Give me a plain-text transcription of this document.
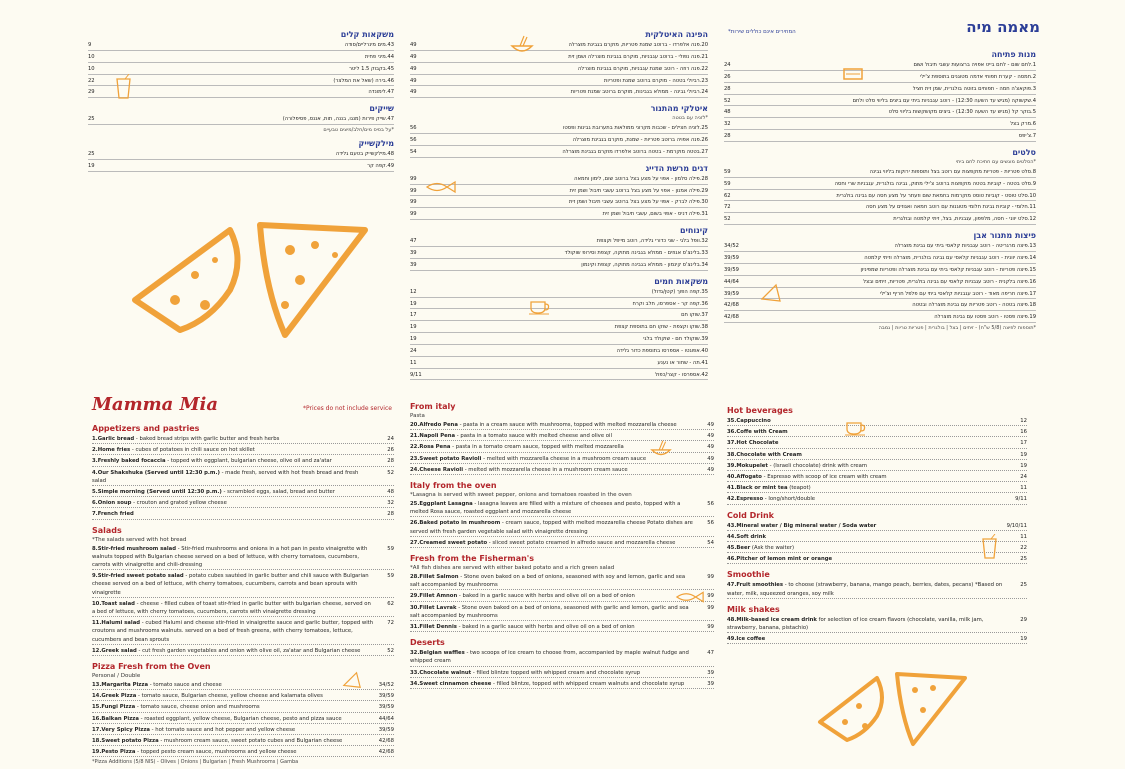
מאמה מיה
*המחירים אינם כוללים שירות
מנות פתיחה
1.לחם שום - לחם בייט אפויה ברצועות עשבי תיבול ושום
24
2.חמסה - קערת תפוחי אדמה מטוגנים בתוספת צ'ילי
26
3.פוקאצ'ה חמה - תפוחים בזוטה בולגרית, שמן זית חציל
28
4.שקשוקה (מגיש עד השעה 12:30) - רוטב עגבניות ביתי עם ביצים בליווי סלט ולחם
52
5.בוקר קל (מגיש עד השעה 12:30) - ביצים מקושקשות בליווי סלט
48
6.מרק בצל
32
7.צ'יפס
28
סלטים
*הסלטים מוגשים עם חתיכת לחם ביתי
8.סלט פטריות - פטריות מוקפצות עם רוטב בצל ותוספות ירוקות בליווי גבינה
59
9.סלט בטטה - קוביות בטטה מוקפצות ברוטב צ'ילי מתוק, גבינה בולגרית, עגבניות שרי וחסה
59
10.סלט טוסט - קוביות טוסט מוקרמות בחמאת שום וזעתר על מצע חסה עם גבינה בולגרית
62
11.חלומי - קוביות גבינת חלומי מטוגנות עם רוטב חמאה ואגוזים על מצע חסה
72
12.סלט יווני - חסה, מלפפון, עגבניות, בצל, זיתי קלמטה ובולגרית
52
פיצות מתנור אבן
13.פיצה מרגריטה - רוטב עגבניות קלאסי ביתי עם גבינת מוצרלה
34/52
14.פיצה יוונית - רוטב עגבניות קלאסי עם גבינה בולגרית, מוצרלה וזיתי קלמטה
39/59
15.פיצה פטריות - רוטב עגבניות קלאסי ביתי עם גבינת מוצרלה ופטריות שמפיניון
39/59
16.פיצה בלקנית - רוטב עגבניות קלאסי עם גבינה בולגרית, פטריות, זיתים ובצל
44/64
17.פיצה חריפה מאוד - רוטב עגבניות קלאסי ביתי עם פלפל חריף וצ'ילי
39/59
18.פיצה בטטה - רוטב פטריות עם גבינת מוצרלה ובטטה
42/68
19.פיצה פסטו - רוטב פסטו עם גבינת מוצרלה
42/68
*תוספות לפיצה (5/8 ש"ח) - זיתים | בצל | בולגרית | פטריות טריות | גמבה
הפינה האיטלקית
20.פנה אלפרדו - ברוטב שמנת פטריות, מוקרם בגבינת מוצרלה
49
21.פנה נפולי - ברוטב עגבניות, מוקרם בגבינת מוצרלה ושמן זית
49
22.פנה רוזה - רוטב שמנת עגבניות, מוקרם בגבינת מוצרלה
49
23.רביולי בטטה - מוקרם ברוטב שמנת ופטריות
49
24.רביולי גבינה - ממולא בגבינות, מוקרם ברוטב שמנת פטריות
49
איטלקי מהתנור
*לזניה עם בטטה
25.לזניה חצילים - שכבות מקרוני ממולאות בתערובת גבינות ופסטו
56
26.פנה אפויה ברוטב פטריות - שמנת, מוקרם בגבינת מוצרלה
56
27.בטטה מוקרמת - בטטה ברוטב אלפרדו מוקרם בגבינת מוצרלה
54
דגים מרשת הדייג
28.פילה סלמון - אפוי על מצע בצל ברוטב שום, לימון וחמאה
99
29.פילה אמנון - אפוי על מצע בצל ברוטב עשבי תיבול ושמן זית
99
30.פילה לברק - אפוי על מצע בצל ברוטב עשבי תיבול ושמן זית
99
31.פילה דניס - אפוי בשום, עשבי תיבול ושמן זית
99
קינוחים
32.וופל בלגי - שני כדורי גלידה, רוטב מייפל וקצפת
47
33.בלינצ'ס אגוזים - ממולא בגבינה מתוקה, קצפת וסירופ שוקולד
39
34.בלינצ'ס קינמון - ממולא בגבינה מתוקה, קצפת וקינמון
39
משקאות חמים
35.קפה הפוך (קטן/גדול)
12
36.קפה קר - אספרסו, חלב וקרח
19
37.שוקו חם
17
38.שוקו וקצפת - שוקו חם בתוספת קצפת
19
39.שוקולד חם - שוקולד בלגי
19
40.אפוגטו - אספרסו בתוספת כדור גלידה
24
41.תה - שחור או נענע
11
42.אספרסו - קצר/כפול
9/11
משקאות קלים
43.מים מינרליים/סודה
9
44.מיני פחית
10
45.בקבוק 1.5 ליטר
10
46.בירה (שאל את המלצר)
22
47.לימונדה
29
שייקים
47.שייק פירות (מנגו, בננה, תות, אננס, פסיפלורה)
25
*על בסיס מים/חלב/מיצים טבעיים
מילקשייק
48.מילקשייק בטעם גלידה
25
49.קפה קר
19
Mamma Mia	*Prices do not include service
Appetizers and pastries
1.Garlic bread - baked bread strips with garlic butter and fresh herbs	24
2.Home fries - cubes of potatoes in chili sauce on hot skillet	26
3.Freshly baked focaccia - topped with eggplant, bulgarian cheese, olive oil and za'atar	28
4.Our Shakshuka (Served until 12:30 p.m.) - made fresh, served with hot fresh bread and fresh salad
52
5.Simple morning (Served until 12:30 p.m.) - scrambled eggs, salad, bread and butter	48
6.Onion soup - crouton and grated yellow cheese	32
7.French fried	28
Salads
*The salads served with hot bread
8.Stir-fried mushroom salad - Stir-fried mushrooms and onions in a hot pan in pesto vinaigrette with walnuts topped with Bulgarian cheese served on a bed of lettuce, with cherry tomatoes, cucumbers, carrots with vinaigrette and chili-dressing
59
9.Stir-fried sweet potato salad - potato cubes sautéed in garlic butter and chili sauce with Bulgarian cheese served on a bed of lettuce, with cherry tomatoes, cucumbers, carrots and bean sprouts with vinaigrette
59
10.Toast salad - cheese - filled cubes of toast stir-fried in garlic butter with bulgarian cheese, served on a bed of lettuce, with cherry tomatoes, cucumbers, carrots with vinaigrette dressing
62
11.Halumi salad - cubed Halumi and cheese stir-fried in vinaigrette sauce and garlic butter, topped with croutons and mushrooms walnuts. served on a bed of fresh greens, with cherry tomatoes, lettuce, cucumbers and bean sprouts
72
12.Greek salad - cut fresh garden vegetables and onion with olive oil, za'atar and Bulgarian cheese	52
Pizza Fresh from the Oven
Personal / Double
13.Margarita Pizza - tomato sauce and cheese	34/52
14.Greek Pizza - tomato sauce, Bulgarian cheese, yellow cheese and kalamata olives	39/59
15.Fungi Pizza - tomato sauce, cheese onion and mushrooms	39/59
16.Balkan Pizza - roasted eggplant, yellow cheese, Bulgarian cheese, pesto and pizza sauce	44/64
17.Very Spicy Pizza - hot tomato sauce and hot pepper and yellow cheese	39/59
18.Sweet potato Pizza - mushroom cream sauce, sweet potato cubes and Bulgarian cheese	42/68
19.Pesto Pizza - topped pesto cream sauce, mushrooms and yellow cheese	42/68
*Pizza Additions (5/8 NIS) - Olives | Onions | Bulgarian | Fresh Mushrooms | Gamba
From italy
Pasta
20.Alfredo Pena - pasta in a cream sauce with mushrooms, topped with melted mozzarella cheese	49
21.Napoli Pena - pasta in a tomato sauce with melted cheese and olive oil	49
22.Rosa Pena - pasta in a tomato cream sauce, topped with melted mozzarella	49
23.Sweet potato Ravioli - melted with mozzarella cheese in a mushroom cream sauce	49
24.Cheese Ravioli - melted with mozzarella cheese in a mushroom cream sauce	49
Italy from the oven
*Lasagna is served with sweet pepper, onions and tomatoes roasted in the oven
25.Eggplant Lasagna - lasagna leaves are filled with a mixture of cheeses and pesto, topped with a melted Rosa sauce, roasted eggplant and mozzarella cheese
56
26.Baked potato in mushroom - cream sauce, topped with melted mozzarella cheese Potato dishes are served with fresh garden vegetable salad with vinaigrette dressing
56
27.Creamed sweet potato - sliced sweet potato creamed in alfredo sauce and mozzarella cheese	54
Fresh from the Fisherman's
*All fish dishes are served with either baked potato and a rich green salad
28.Fillet Salmon - Stone oven baked on a bed of onions, seasoned with soy and lemon, garlic and sea salt accompanied by mushrooms
99
29.Fillet Amnon - baked in a garlic sauce with herbs and olive oil on a bed of onion	99
30.Fillet Lavrak - Stone oven baked on a bed of onions, seasoned with garlic and lemon, garlic and sea salt accompanied by mushrooms
99
31.Fillet Dennis - baked in a garlic sauce with herbs and olive oil on a bed of onion	99
Deserts
32.Belgian waffles - two scoops of ice cream to choose from, accompanied by maple walnut fudge and whipped cream
47
33.Chocolate walnut - filled blintze topped with whipped cream and chocolate syrup	39
34.Sweet cinnamon cheese - filled blintze, topped with whipped cream walnuts and chocolate syrup	39
Hot beverages
35.Cappuccino	12
36.Coffe with Cream	16
37.Hot Chocolate	17
38.Chocolate with Cream	19
39.Mokupelet - (Israeli chocolate) drink with cream	19
40.Affogato - Espresso with scoop of ice cream with cream	24
41.Black or mint tea (teapot)	11
42.Espresso - long/short/double	9/11
Cold Drink
43.Mineral water / Big mineral water / Soda water	9/10/11
44.Soft drink	11
45.Beer (Ask the waiter)	22
46.Pitcher of lemon mint or orange	25
Smoothie
47.Fruit smoothies - to choose (strawberry, banana, mango peach, berries, dates, pecans) *Based on water, milk, squeezed oranges, soy milk
25
Milk shakes
48.Milk-based ice cream drink for selection of ice cream flavors (chocolate, vanilla, milk jam, strawberry, banana, pistachio)
29
49.Ice coffee	19
